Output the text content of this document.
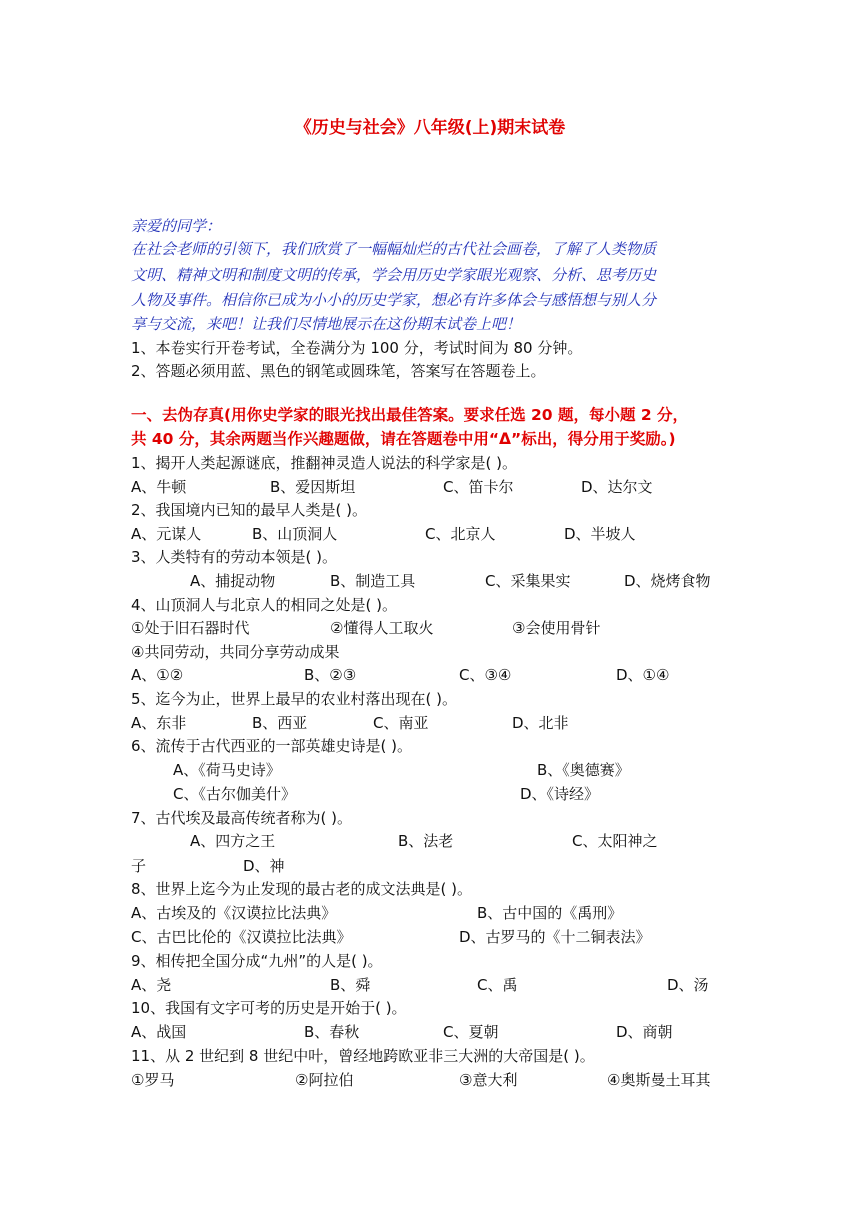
《历史与社会》八年级(上)期末试卷
亲爱的同学：
在社会老师的引领下，我们欣赏了一幅幅灿烂的古代社会画卷，了解了人类物质
文明、精神文明和制度文明的传承，学会用历史学家眼光观察、分析、思考历史
人物及事件。相信你已成为小小的历史学家，想必有许多体会与感悟想与别人分
享与交流，来吧！让我们尽情地展示在这份期末试卷上吧！
1、本卷实行开卷考试，全卷满分为 100 分，考试时间为 80 分钟。
2、答题必须用蓝、黑色的钢笔或圆珠笔，答案写在答题卷上。
一、去伪存真(用你史学家的眼光找出最佳答案。要求任选 20 题，每小题 2 分，
共 40 分，其余两题当作兴趣题做，请在答题卷中用“Δ”标出，得分用于奖励。)
1、揭开人类起源谜底，推翻神灵造人说法的科学家是( )。
A、牛顿	B、爱因斯坦	C、笛卡尔	D、达尔文
2、我国境内已知的最早人类是( )。
A、元谋人	B、山顶洞人	C、北京人	D、半坡人
3、人类特有的劳动本领是( )。
A、捕捉动物	B、制造工具	C、采集果实	D、烧烤食物
4、山顶洞人与北京人的相同之处是( )。
①处于旧石器时代	②懂得人工取火	③会使用骨针
④共同劳动，共同分享劳动成果
A、①②	B、②③	C、③④	D、①④
5、迄今为止，世界上最早的农业村落出现在( )。
A、东非	B、西亚	C、南亚	D、北非
6、流传于古代西亚的一部英雄史诗是( )。
A、《荷马史诗》	B、《奥德赛》
C、《古尔伽美什》	D、《诗经》
7、古代埃及最高传统者称为( )。
A、四方之王	B、法老	C、太阳神之
子	D、神
8、世界上迄今为止发现的最古老的成文法典是( )。
A、古埃及的《汉谟拉比法典》	B、古中国的《禹刑》
C、古巴比伦的《汉谟拉比法典》	D、古罗马的《十二铜表法》
9、相传把全国分成“九州”的人是( )。
A、尧	B、舜	C、禹	D、汤
10、我国有文字可考的历史是开始于( )。
A、战国	B、春秋	C、夏朝	D、商朝
11、从 2 世纪到 8 世纪中叶，曾经地跨欧亚非三大洲的大帝国是( )。
①罗马	②阿拉伯	③意大利	④奥斯曼土耳其
